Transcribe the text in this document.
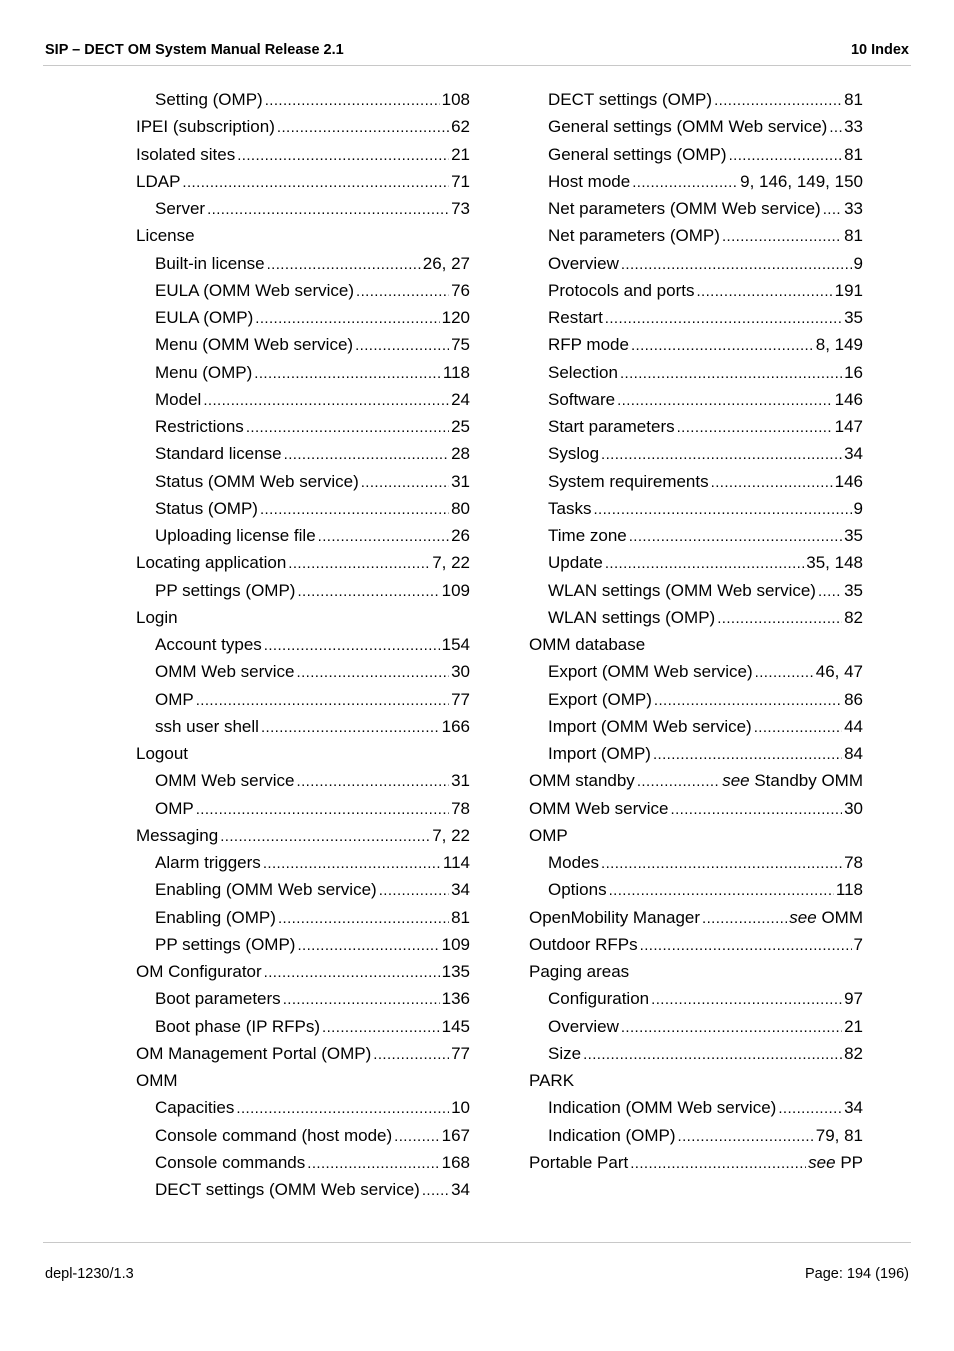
SIP – DECT OM System Manual Release 2.1	10 Index
Setting (OMP) .....	108
IPEI (subscription) .....	62
Isolated sites .....	21
LDAP .....	71
Server .....	73
License
Built-in license .....	26, 27
EULA (OMM Web service) .....	76
EULA (OMP) .....	120
Menu (OMM Web service) .....	75
Menu (OMP) .....	118
Model .....	24
Restrictions .....	25
Standard license .....	28
Status (OMM Web service) .....	31
Status (OMP) .....	80
Uploading license file .....	26
Locating application .....	7, 22
PP settings (OMP) .....	109
Login
Account types .....	154
OMM Web service .....	30
OMP .....	77
ssh user shell .....	166
Logout
OMM Web service .....	31
OMP .....	78
Messaging .....	7, 22
Alarm triggers .....	114
Enabling (OMM Web service) .....	34
Enabling (OMP) .....	81
PP settings (OMP) .....	109
OM Configurator .....	135
Boot parameters .....	136
Boot phase (IP RFPs) .....	145
OM Management Portal (OMP) .....	77
OMM
Capacities .....	10
Console command (host mode) .....	167
Console commands .....	168
DECT settings (OMM Web service) ..... 34
DECT settings (OMP) .....	81
General settings (OMM Web service) ..... 33
General settings (OMP) .....	81
Host mode .....	9, 146, 149, 150
Net parameters (OMM Web service) ..... 33
Net parameters (OMP) .....	81
Overview .....	9
Protocols and ports .....	191
Restart .....	35
RFP mode .....	8, 149
Selection .....	16
Software .....	146
Start parameters .....	147
Syslog .....	34
System requirements .....	146
Tasks .....	9
Time zone .....	35
Update .....	35, 148
WLAN settings (OMM Web service) ..... 35
WLAN settings (OMP) .....	82
OMM database
Export (OMM Web service) .....	46, 47
Export (OMP) .....	86
Import (OMM Web service) .....	44
Import (OMP) .....	84
OMM standby .....	see Standby OMM
OMM Web service .....	30
OMP
Modes .....	78
Options .....	118
OpenMobility Manager .....	see OMM
Outdoor RFPs .....	7
Paging areas
Configuration .....	97
Overview .....	21
Size .....	82
PARK
Indication (OMM Web service) .....	34
Indication (OMP) .....	79, 81
Portable Part .....	see PP
depl-1230/1.3	Page: 194 (196)
